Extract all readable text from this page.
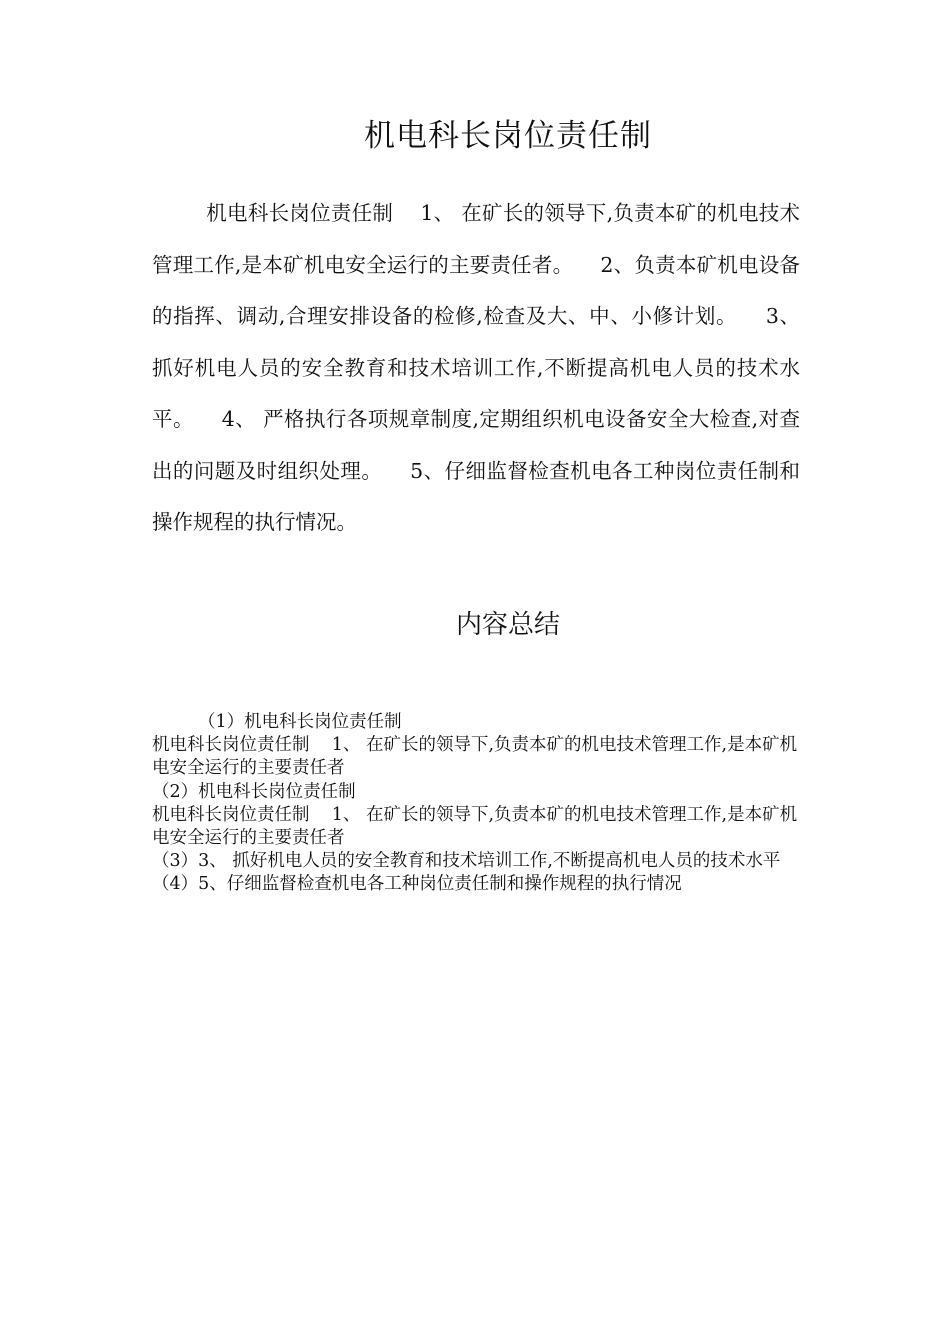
机电科长岗位责任制

机电科长岗位责任制    1、 在矿长的领导下,负责本矿的机电技术管理工作,是本矿机电安全运行的主要责任者。    2、负责本矿机电设备的指挥、调动,合理安排设备的检修,检查及大、中、小修计划。    3、 抓好机电人员的安全教育和技术培训工作,不断提高机电人员的技术水平。    4、 严格执行各项规章制度,定期组织机电设备安全大检查,对查出的问题及时组织处理。    5、仔细监督检查机电各工种岗位责任制和操作规程的执行情况。

内容总结
（1）机电科长岗位责任制
机电科长岗位责任制    1、 在矿长的领导下,负责本矿的机电技术管理工作,是本矿机电安全运行的主要责任者
（2）机电科长岗位责任制
机电科长岗位责任制    1、 在矿长的领导下,负责本矿的机电技术管理工作,是本矿机电安全运行的主要责任者
（3）3、 抓好机电人员的安全教育和技术培训工作,不断提高机电人员的技术水平
（4）5、仔细监督检查机电各工种岗位责任制和操作规程的执行情况
